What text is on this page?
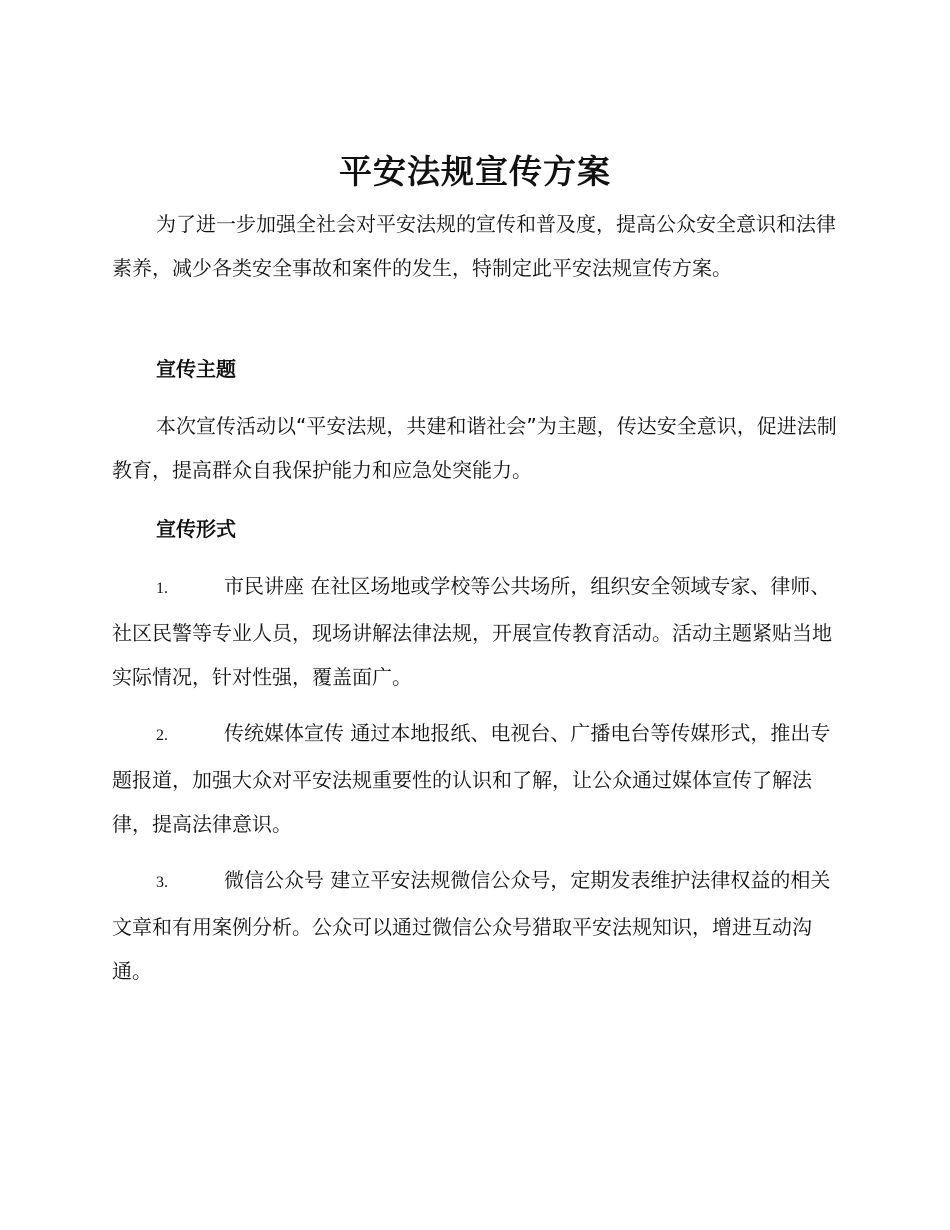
平安法规宣传方案

为了进一步加强全社会对平安法规的宣传和普及度，提高公众安全意识和法律素养，减少各类安全事故和案件的发生，特制定此平安法规宣传方案。

宣传主题

本次宣传活动以“平安法规，共建和谐社会”为主题，传达安全意识，促进法制教育，提高群众自我保护能力和应急处突能力。

宣传形式

1.	市民讲座 在社区场地或学校等公共场所，组织安全领域专家、律师、社区民警等专业人员，现场讲解法律法规，开展宣传教育活动。活动主题紧贴当地实际情况，针对性强，覆盖面广。

2.	传统媒体宣传 通过本地报纸、电视台、广播电台等传媒形式，推出专题报道，加强大众对平安法规重要性的认识和了解，让公众通过媒体宣传了解法律，提高法律意识。

3.	微信公众号 建立平安法规微信公众号，定期发表维护法律权益的相关文章和有用案例分析。公众可以通过微信公众号猎取平安法规知识，增进互动沟通。
